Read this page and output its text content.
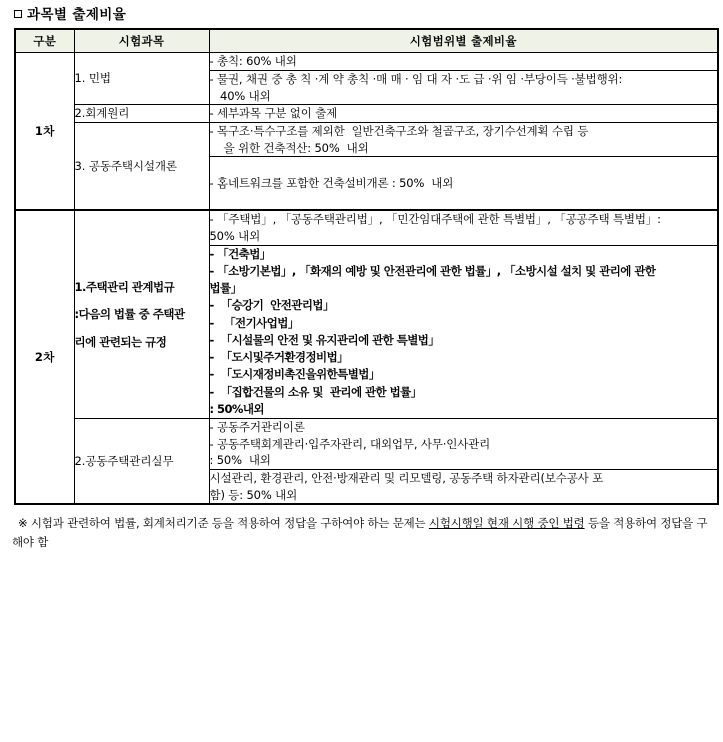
과목별 출제비율
구분	시험과목	시험범위별 출제비율
1차	1. 민법	- 총칙: 60% 내외

		- 물권, 채권 중 총 칙 ·계 약 총칙 ·매 매 · 임 대 자 ·도 급 ·위 임 ·부당이득 ·불법행위:
40% 내외

	2.회계원리	- 세부과목 구분 없이 출제

	3. 공동주택시설개론	- 목구조·특수구조를 제외한  일반건축구조와 철골구조, 장기수선계획 수립 등
을 위한 건축적산: 50%  내외

		- 홈네트워크를 포함한 건축설비개론 : 50%  내외

2차	1.주택관리 관계법규
:다음의 법률 중 주택관
리에 관련되는 규정	- 「주택법」, 「공동주택관리법」, 「민간임대주택에 관한 특별법」, 「공공주택 특별법」:
50% 내외

- 「건축법」
- 「소방기본법」, 「화재의 예방 및 안전관리에 관한 법률」, 「소방시설 설치 및 관리에 관한
법률」
-  「승강기  안전관리법」
-   「전기사업법」
-  「시설물의 안전 및 유지관리에 관한 특별법」
-  「도시및주거환경정비법」
-  「도시재정비촉진을위한특별법」
-  「집합건물의 소유 및  관리에 관한 법률」
: 50%내외

	2.공동주택관리실무	- 공동주거관리이론
- 공동주택회계관리·입주자관리, 대외업무, 사무·인사관리
: 50%  내외

		시설관리, 환경관리, 안전·방재관리 및 리모델링, 공동주택 하자관리(보수공사 포
함) 등: 50% 내외
※ 시험과 관련하여 법률, 회계처리기준 등을 적용하여 정답을 구하여야 하는 문제는 시험시행일 현재 시행 중인 법령 등을 적용하여 정답을 구해야 함
